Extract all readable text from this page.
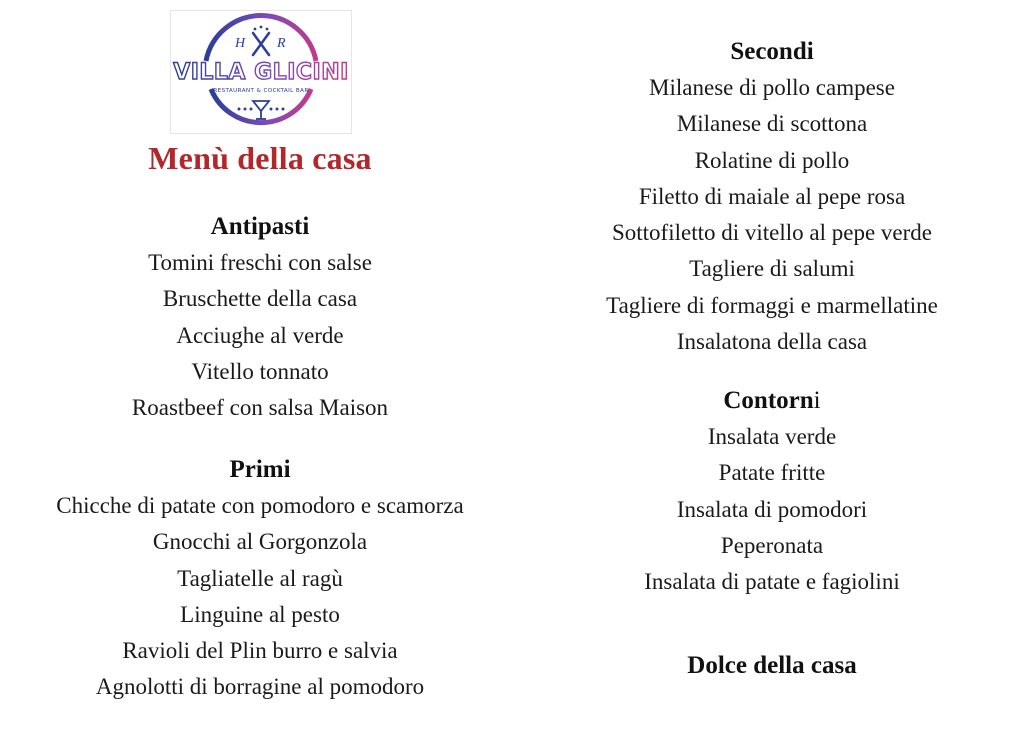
H R
VILLA GLICINI
RESTAURANT & COCKTAIL BAR
Menù della casa
Antipasti
Tomini freschi con salse
Bruschette della casa
Acciughe al verde
Vitello tonnato
Roastbeef con salsa Maison
Primi
Chicche di patate con pomodoro e scamorza
Gnocchi al Gorgonzola
Tagliatelle al ragù
Linguine al pesto
Ravioli del Plin burro e salvia
Agnolotti di borragine al pomodoro
Secondi
Milanese di pollo campese
Milanese di scottona
Rolatine di pollo
Filetto di maiale al pepe rosa
Sottofiletto di vitello al pepe verde
Tagliere di salumi
Tagliere di formaggi e marmellatine
Insalatona della casa
Contorni
Insalata verde
Patate fritte
Insalata di pomodori
Peperonata
Insalata di patate e fagiolini
Dolce della casa
